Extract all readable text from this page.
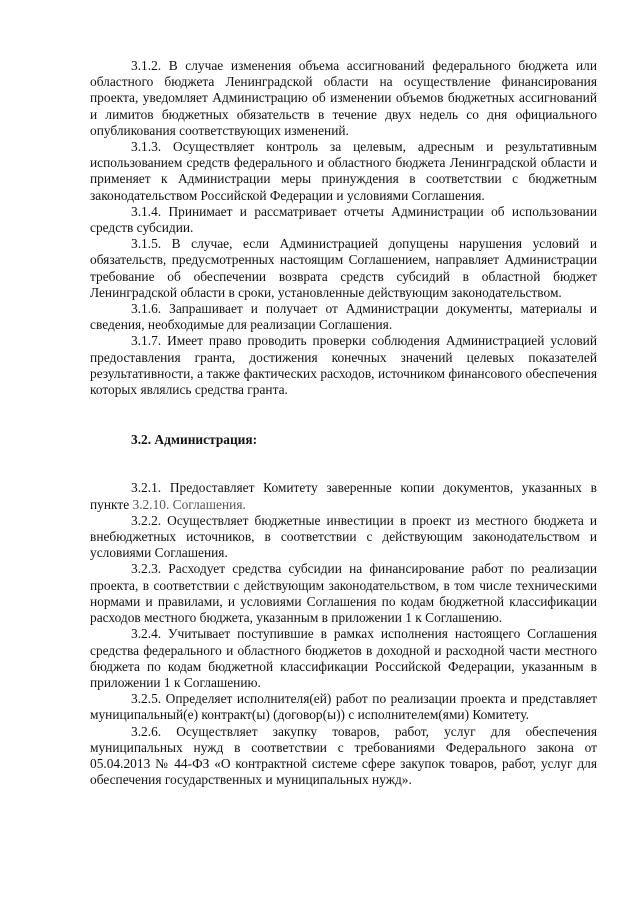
3.1.2. В случае изменения объема ассигнований федерального бюджета или областного бюджета Ленинградской области на осуществление финансирования проекта, уведомляет Администрацию об изменении объемов бюджетных ассигнований и лимитов бюджетных обязательств в течение двух недель со дня официального опубликования соответствующих изменений.

3.1.3. Осуществляет контроль за целевым, адресным и результативным использованием средств федерального и областного бюджета Ленинградской области и применяет к Администрации меры принуждения в соответствии с бюджетным законодательством Российской Федерации и условиями Соглашения.

3.1.4. Принимает и рассматривает отчеты Администрации об использовании средств субсидии.

3.1.5. В случае, если Администрацией допущены нарушения условий и обязательств, предусмотренных настоящим Соглашением, направляет Администрации требование об обеспечении возврата средств субсидий в областной бюджет Ленинградской области в сроки, установленные действующим законодательством.

3.1.6. Запрашивает и получает от Администрации документы, материалы и сведения, необходимые для реализации Соглашения.

3.1.7. Имеет право проводить проверки соблюдения Администрацией условий предоставления гранта, достижения конечных значений целевых показателей результативности, а также фактических расходов, источником финансового обеспечения которых являлись средства гранта.

3.2. Администрация:

3.2.1. Предоставляет Комитету заверенные копии документов, указанных в пункте 3.2.10. Соглашения.

3.2.2. Осуществляет бюджетные инвестиции в проект из местного бюджета и внебюджетных источников, в соответствии с действующим законодательством и условиями Соглашения.

3.2.3. Расходует средства субсидии на финансирование работ по реализации проекта, в соответствии с действующим законодательством, в том числе техническими нормами и правилами, и условиями Соглашения по кодам бюджетной классификации расходов местного бюджета, указанным в приложении 1 к Соглашению.

3.2.4. Учитывает поступившие в рамках исполнения настоящего Соглашения средства федерального и областного бюджетов в доходной и расходной части местного бюджета по кодам бюджетной классификации Российской Федерации, указанным в приложении 1 к Соглашению.

3.2.5. Определяет исполнителя(ей) работ по реализации проекта и представляет муниципальный(е) контракт(ы) (договор(ы)) с исполнителем(ями) Комитету.

3.2.6. Осуществляет закупку товаров, работ, услуг для обеспечения муниципальных нужд в соответствии с требованиями Федерального закона от 05.04.2013 № 44-ФЗ «О контрактной системе сфере закупок товаров, работ, услуг для обеспечения государственных и муниципальных нужд».
